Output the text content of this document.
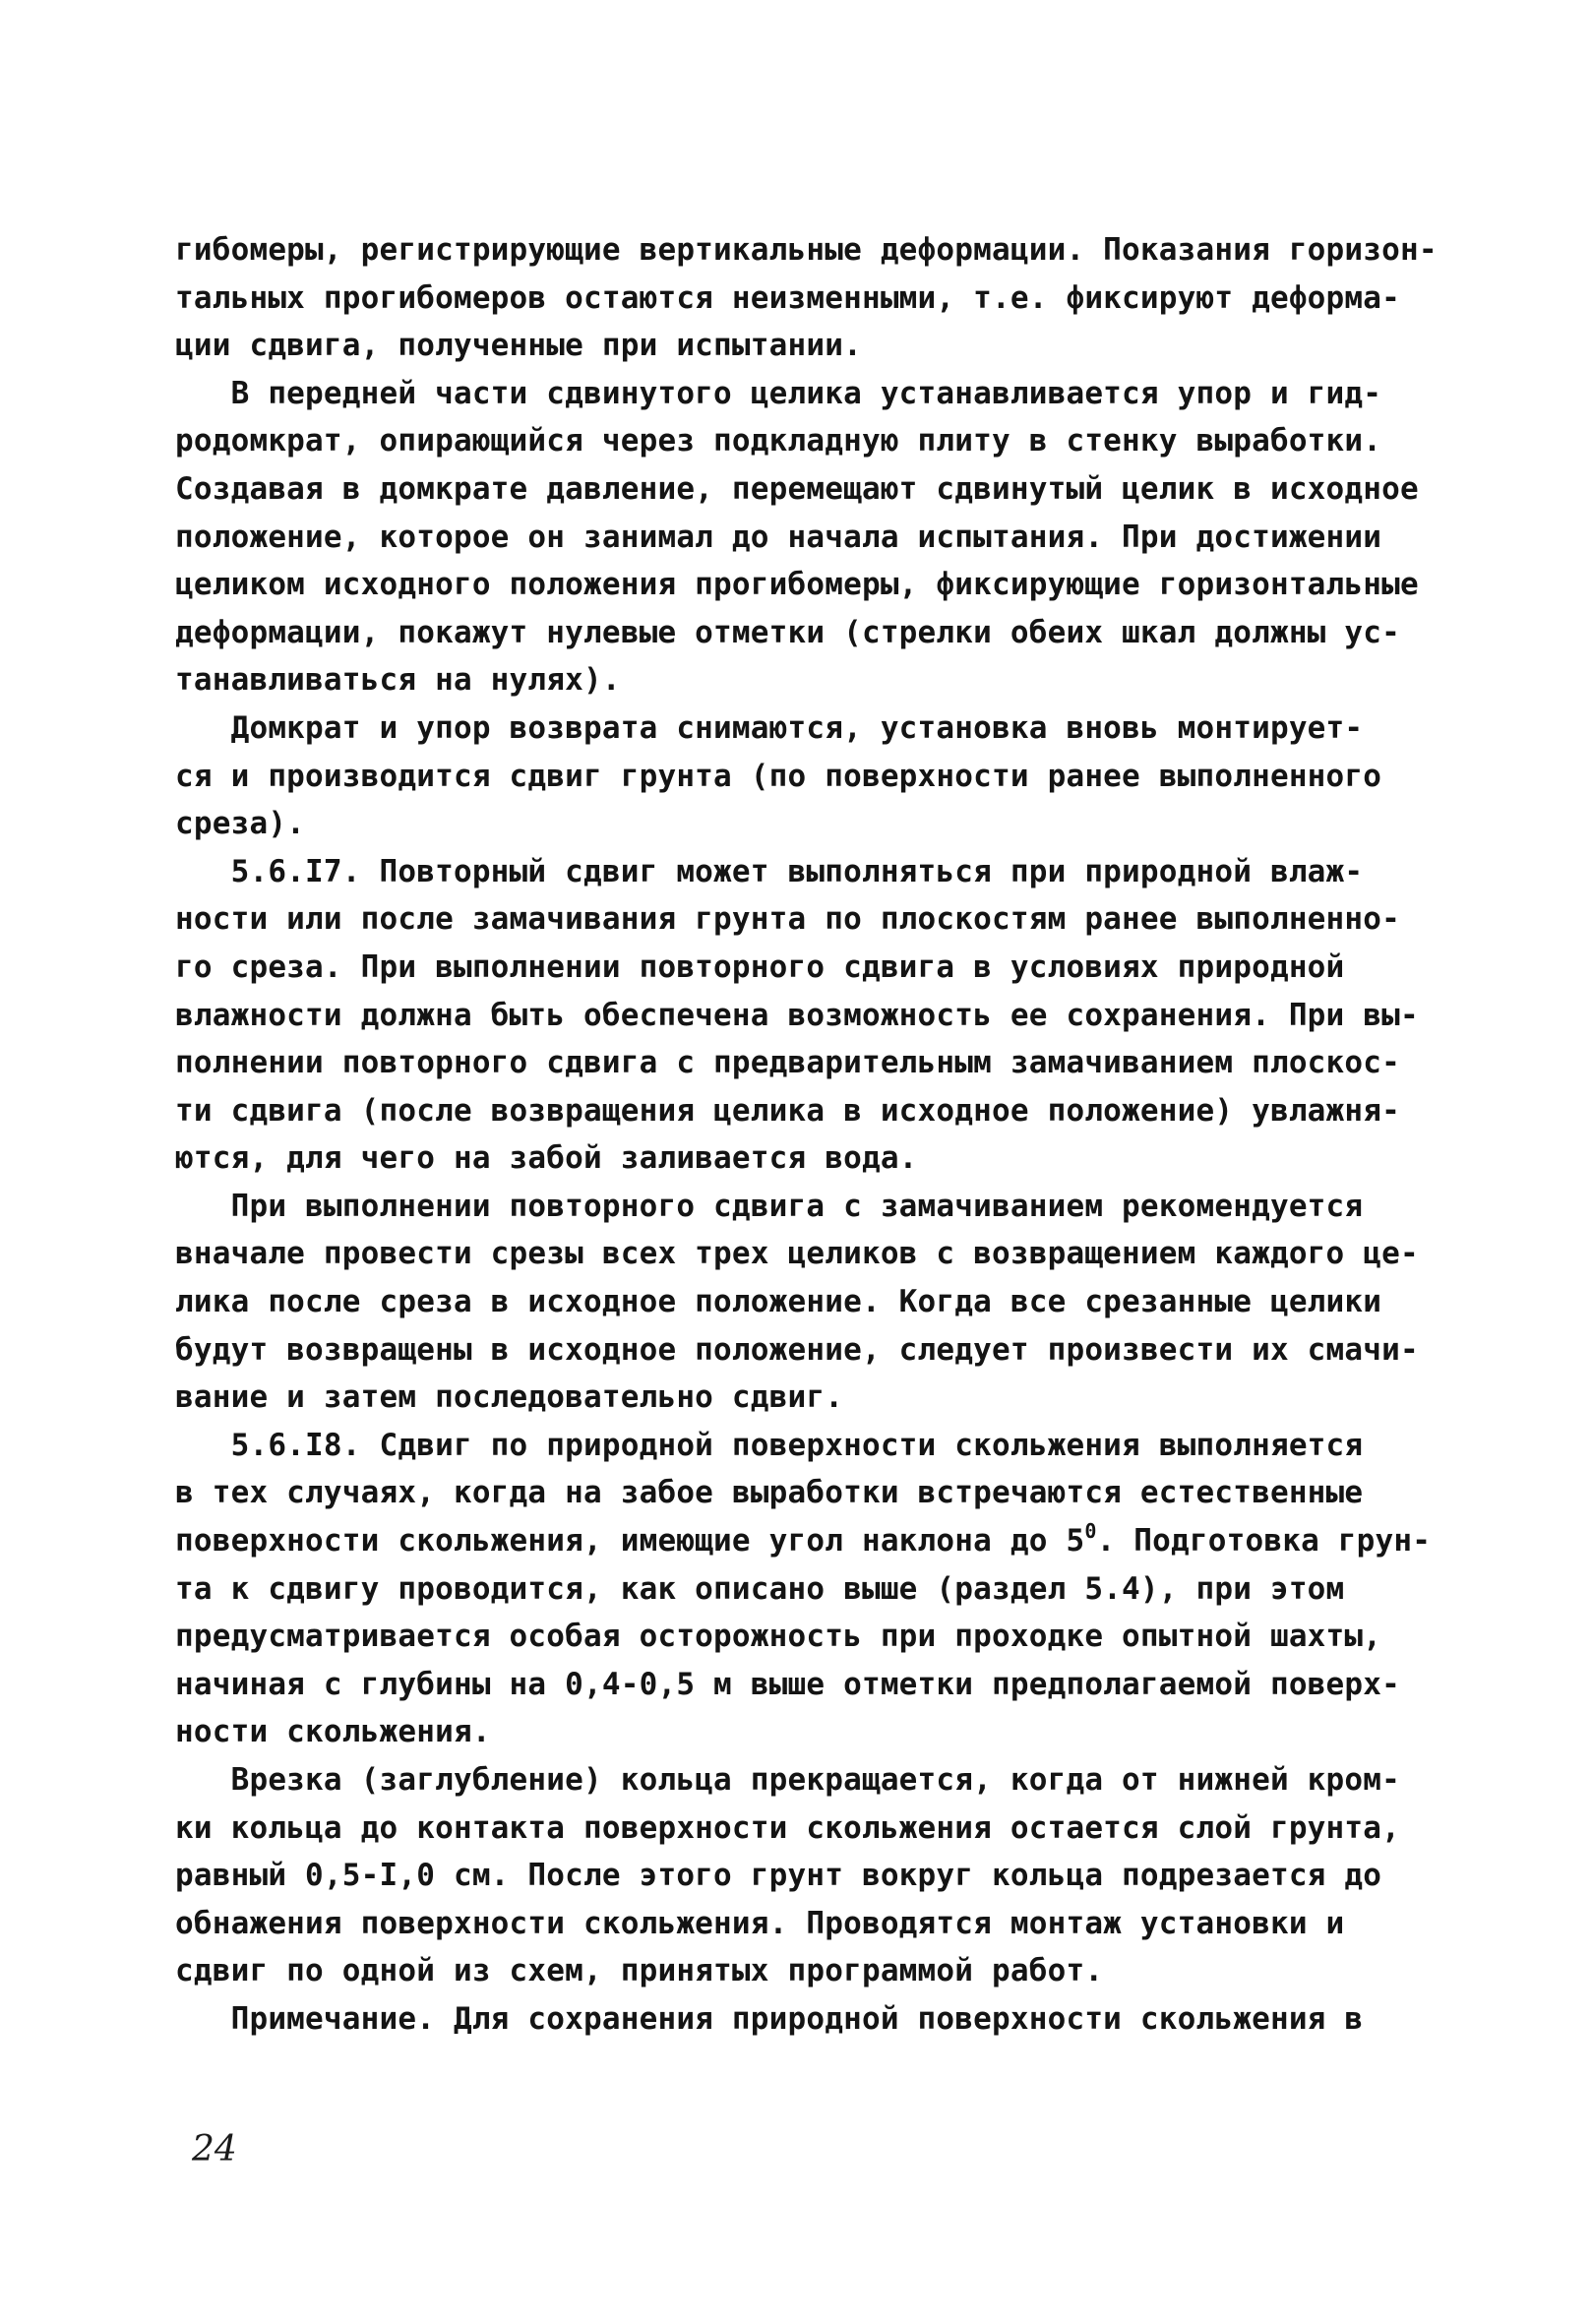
гибомеры, регистрирующие вертикальные деформации. Показания горизон-
тальных прогибомеров остаются неизменными, т.е. фиксируют деформа-
ции сдвига, полученные при испытании.
В передней части сдвинутого целика устанавливается упор и гид-
родомкрат, опирающийся через подкладную плиту в стенку выработки.
Создавая в домкрате давление, перемещают сдвинутый целик в исходное
положение, которое он занимал до начала испытания. При достижении
целиком исходного положения прогибомеры, фиксирующие горизонтальные
деформации, покажут нулевые отметки (стрелки обеих шкал должны ус-
танавливаться на нулях).
Домкрат и упор возврата снимаются, установка вновь монтирует-
ся и производится сдвиг грунта (по поверхности ранее выполненного
среза).
5.6.I7. Повторный сдвиг может выполняться при природной влаж-
ности или после замачивания грунта по плоскостям ранее выполненно-
го среза. При выполнении повторного сдвига в условиях природной
влажности должна быть обеспечена возможность ее сохранения. При вы-
полнении повторного сдвига с предварительным замачиванием плоскос-
ти сдвига (после возвращения целика в исходное положение) увлажня-
ются, для чего на забой заливается вода.
При выполнении повторного сдвига с замачиванием рекомендуется
вначале провести срезы всех трех целиков с возвращением каждого це-
лика после среза в исходное положение. Когда все срезанные целики
будут возвращены в исходное положение, следует произвести их смачи-
вание и затем последовательно сдвиг.
5.6.I8. Сдвиг по природной поверхности скольжения выполняется
в тех случаях, когда на забое выработки встречаются естественные
поверхности скольжения, имеющие угол наклона до $5^0$. Подготовка грун-
та к сдвигу проводится, как описано выше (раздел 5.4), при этом
предусматривается особая осторожность при проходке опытной шахты,
начиная с глубины на 0,4-0,5 м выше отметки предполагаемой поверх-
ности скольжения.
Врезка (заглубление) кольца прекращается, когда от нижней кром-
ки кольца до контакта поверхности скольжения остается слой грунта,
равный 0,5-I,0 см. После этого грунт вокруг кольца подрезается до
обнажения поверхности скольжения. Проводятся монтаж установки и
сдвиг по одной из схем, принятых программой работ.
Примечание. Для сохранения природной поверхности скольжения в
24
